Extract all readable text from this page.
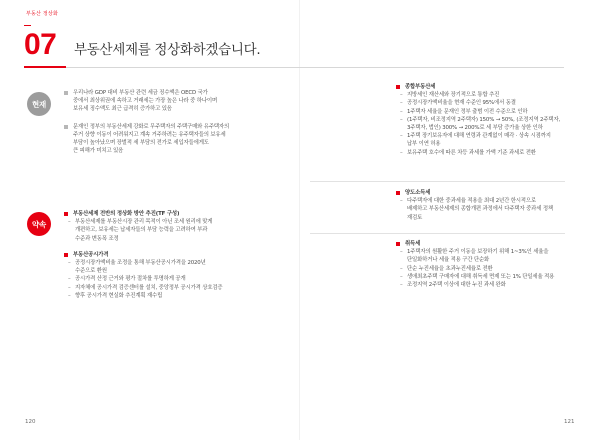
부동산 정상화
07 부동산세제를 정상화하겠습니다.
현재
우리나라 GDP 대비 부동산 관련 세금 징수액은 OECD 국가
중에서 최상위권에 속하고 거래세는 가장 높은 나라 중 하나이며
보유세 징수액도 최근 급격히 증가하고 있음
문재인 정부의 부동산세제 강화로 무주택자의 주택구매와 유주택자의
주거 상향 이동이 어려워지고 계속 거주하려는 유주택자들의 보유세
부담이 높아났으며 장벌적 세 부담의 전가로 세입자들에게도
큰 피해가 미치고 있음
약속
부동산세제 전반의 정상화 방안 추진(TF 구성)
– 부동산세제를 부동산시장 관리 목적이 아닌 조세 원리에 맞게
개편하고, 보유세는 납세자들의 부담 능력을 고려하여 부과
수준과 변동폭 조정
부동산공시가격
– 공정시장가액비율 조정을 통해 부동산공시가격을 2020년
수준으로 환원
– 공시가격 산정 근거와 평가 절차를 투명하게 공개
– 지자체에 공시가격 검증센터를 설치, 중앙정부 공시가격 상호검증
– 향후 공시가격 현실화 추진계획 재수립
120	121
종합부동산세
– 지방세인 재산세와 장기적으로 통합 추진
– 공정시장가액비율을 현재 수준인 95%에서 동결
– 1주택자 세율을 문재인 정부 출범 이전 수준으로 인하
– (1주택자, 비조정지역 2주택자) 150% → 50%, (조정지역 2주택자,
3주택자, 법인) 300% → 200%로 세 부담 증가율 상한 인하
– 1주택 장기보유자에 대해 연령과 관계없이 매각 · 상속 시점까지
납부 이연 허용
– 보유주택 호수에 따른 차등 과세를 가액 기준 과세로 전환
양도소득세
– 다주택자에 대한 중과세율 적용을 최대 2년간 한시적으로
배제하고 부동산세제의 종합개편 과정에서 다주택자 중과세 정책
재검토
취득세
– 1주택자의 원활한 주거 이동을 보장하기 위해 1~3%인 세율을
단일화하거나 세율 적용 구간 단순화
– 단순 누진세율을 초과누진세율로 전환
– 생애최초주택 구매자에 대해 취득세 면제 또는 1% 단일세율 적용
– 조정지역 2주택 이상에 대한 누진 과세 완화
